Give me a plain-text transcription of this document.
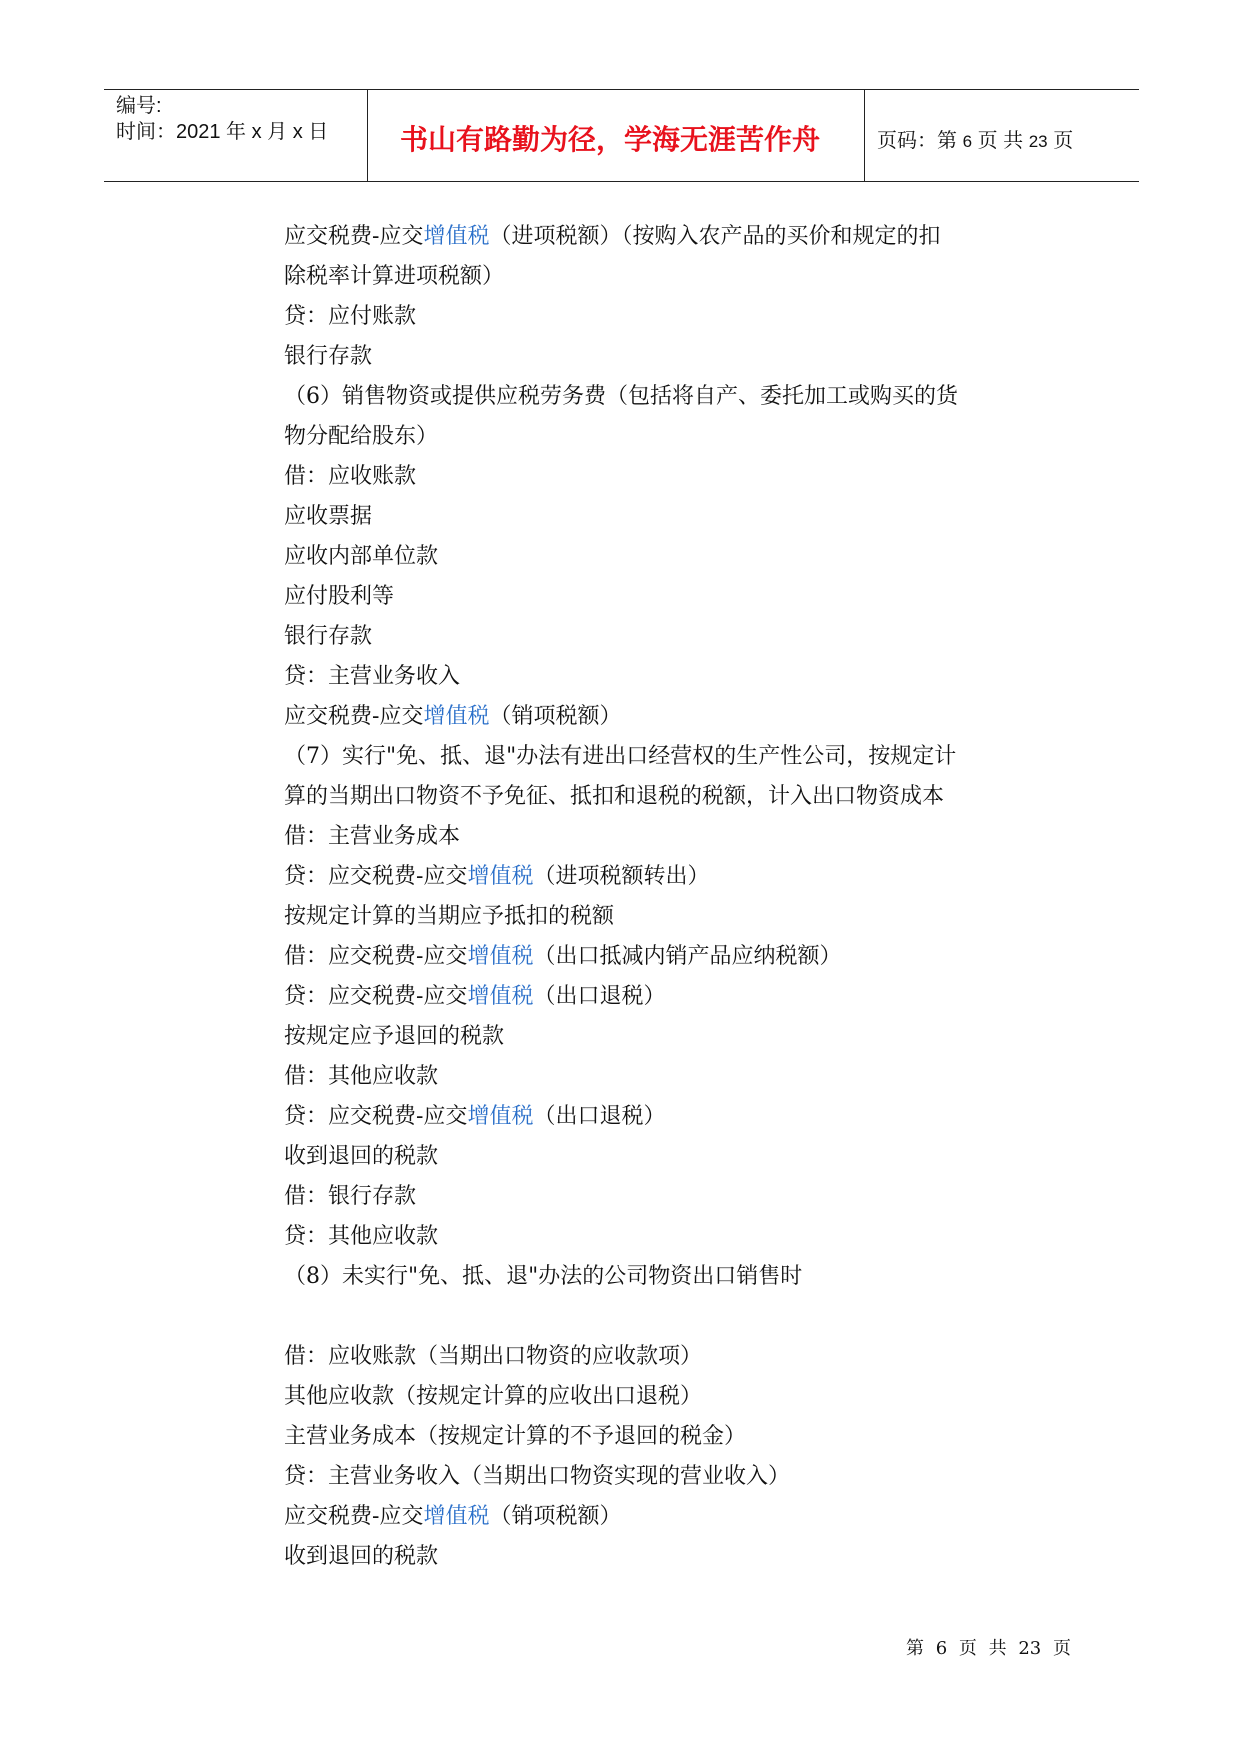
编号:
时间：2021 年 x 月 x 日	书山有路勤为径，学海无涯苦作舟	页码：第 6 页 共 23 页
应交税费-应交增值税（进项税额）（按购入农产品的买价和规定的扣
除税率计算进项税额）
贷：应付账款
银行存款
（6）销售物资或提供应税劳务费（包括将自产、委托加工或购买的货
物分配给股东）
借：应收账款
应收票据
应收内部单位款
应付股利等
银行存款
贷：主营业务收入
应交税费-应交增值税（销项税额）
（7）实行"免、抵、退"办法有进出口经营权的生产性公司，按规定计
算的当期出口物资不予免征、抵扣和退税的税额，计入出口物资成本
借：主营业务成本
贷：应交税费-应交增值税（进项税额转出）
按规定计算的当期应予抵扣的税额
借：应交税费-应交增值税（出口抵减内销产品应纳税额）
贷：应交税费-应交增值税（出口退税）
按规定应予退回的税款
借：其他应收款
贷：应交税费-应交增值税（出口退税）
收到退回的税款
借：银行存款
贷：其他应收款
（8）未实行"免、抵、退"办法的公司物资出口销售时
借：应收账款（当期出口物资的应收款项）
其他应收款（按规定计算的应收出口退税）
主营业务成本（按规定计算的不予退回的税金）
贷：主营业务收入（当期出口物资实现的营业收入）
应交税费-应交增值税（销项税额）
收到退回的税款
第 6 页 共 23 页
